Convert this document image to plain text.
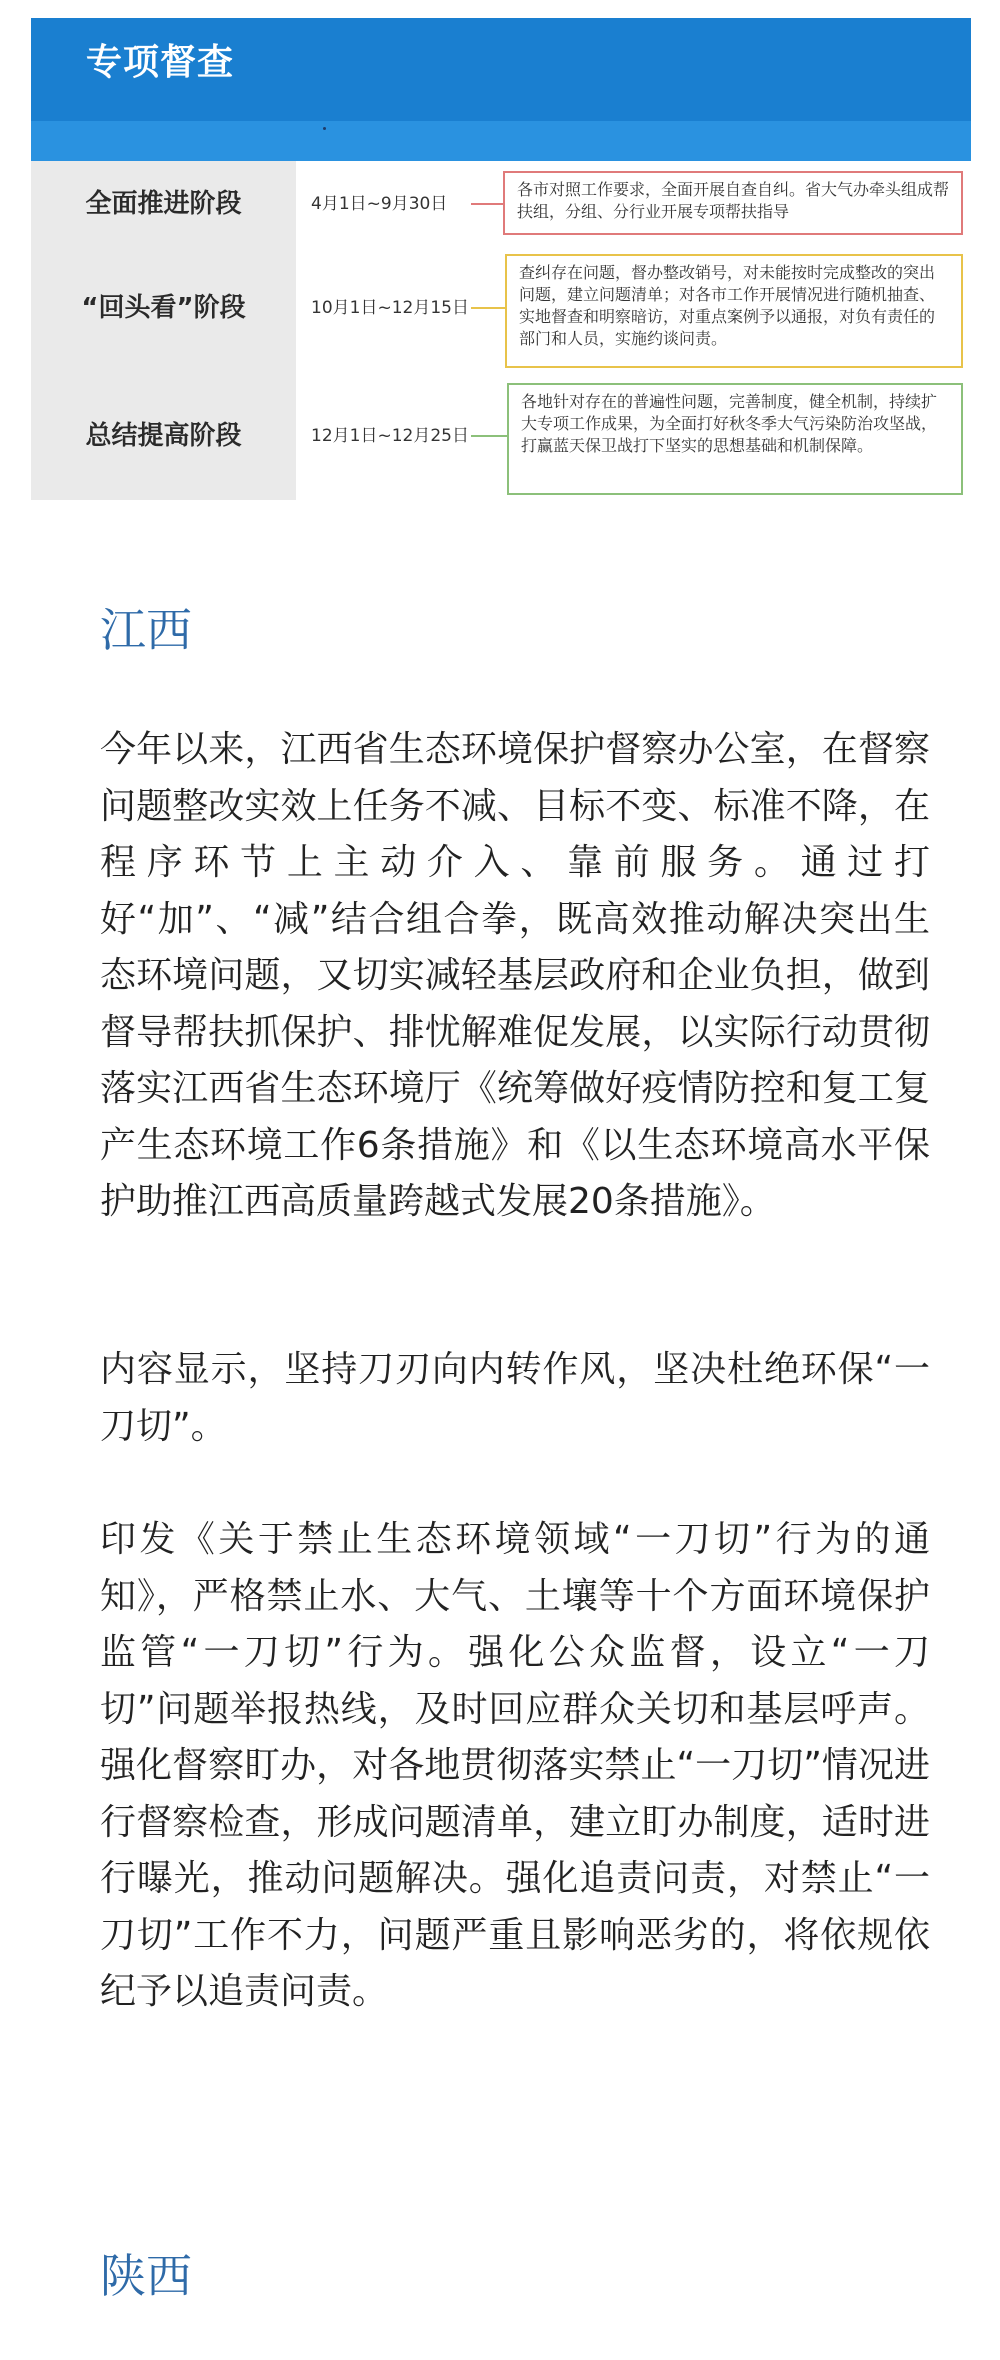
专项督查
全面推进阶段	4月1日~9月30日
各市对照工作要求，全面开展自查自纠。省大气办牵头组成帮扶组，分组、分行业开展专项帮扶指导
“回头看”阶段	10月1日~12月15日
查纠存在问题，督办整改销号，对未能按时完成整改的突出问题，建立问题清单；对各市工作开展情况进行随机抽查、实地督查和明察暗访，对重点案例予以通报，对负有责任的部门和人员，实施约谈问责。
总结提高阶段	12月1日~12月25日
各地针对存在的普遍性问题，完善制度，健全机制，持续扩大专项工作成果，为全面打好秋冬季大气污染防治攻坚战，打赢蓝天保卫战打下坚实的思想基础和机制保障。
江西
今年以来，江西省生态环境保护督察办公室，在督察问题整改实效上任务不减、目标不变、标准不降，在程序环节上主动介入、靠前服务。通过打好“加”、“减”结合组合拳，既高效推动解决突出生态环境问题，又切实减轻基层政府和企业负担，做到督导帮扶抓保护、排忧解难促发展，以实际行动贯彻落实江西省生态环境厅《统筹做好疫情防控和复工复产生态环境工作6条措施》和《以生态环境高水平保护助推江西高质量跨越式发展20条措施》。
内容显示，坚持刀刃向内转作风，坚决杜绝环保“一刀切”。
印发《关于禁止生态环境领域“一刀切”行为的通知》，严格禁止水、大气、土壤等十个方面环境保护监管“一刀切”行为。强化公众监督，设立“一刀切”问题举报热线，及时回应群众关切和基层呼声。强化督察盯办，对各地贯彻落实禁止“一刀切”情况进行督察检查，形成问题清单，建立盯办制度，适时进行曝光，推动问题解决。强化追责问责，对禁止“一刀切”工作不力，问题严重且影响恶劣的，将依规依纪予以追责问责。
陕西
